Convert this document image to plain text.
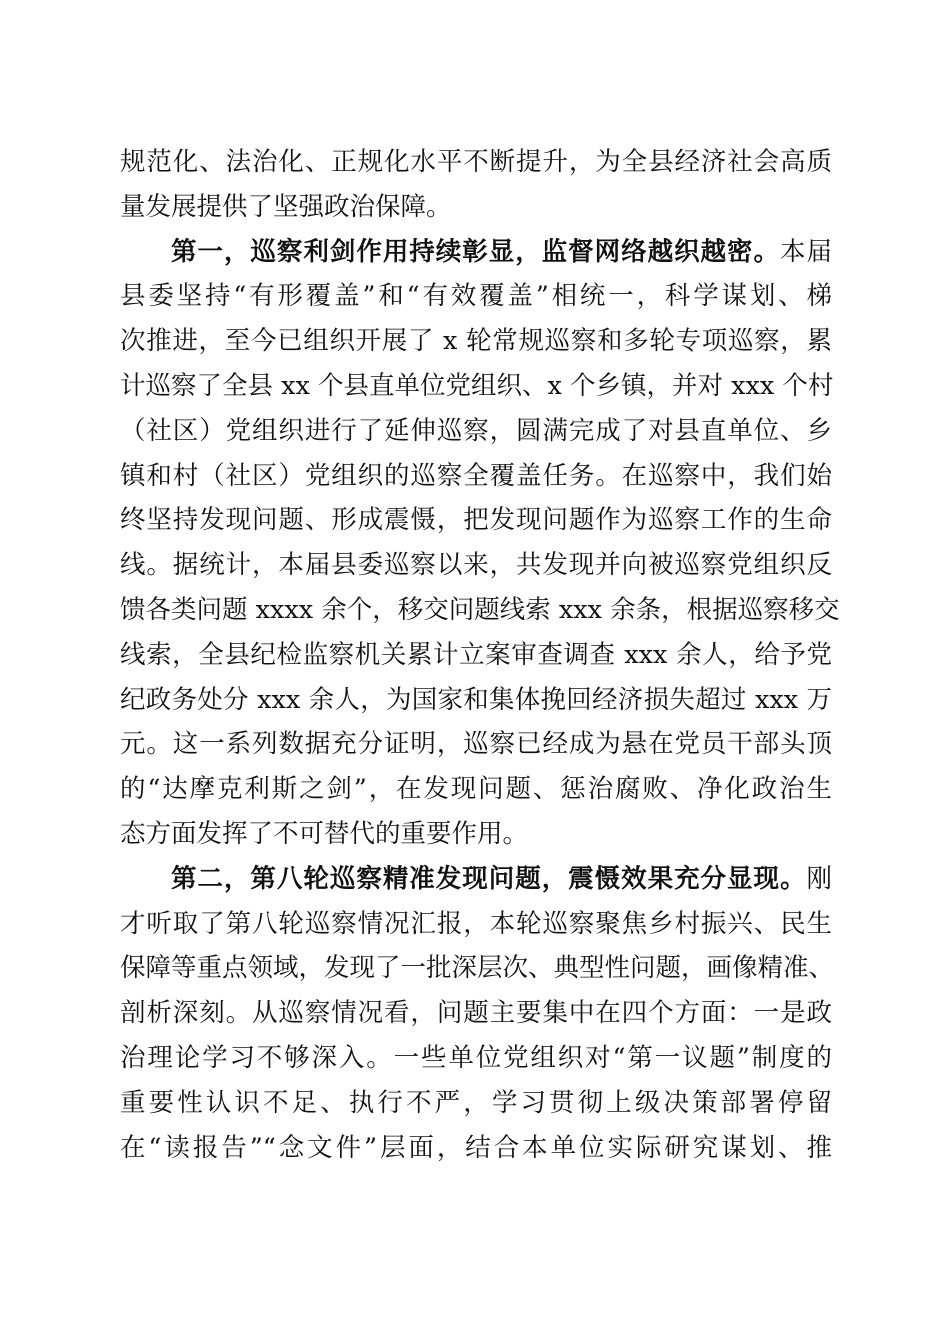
规范化、法治化、正规化水平不断提升，为全县经济社会高质
量发展提供了坚强政治保障。
第一，巡察利剑作用持续彰显，监督网络越织越密。本届
县委坚持“有形覆盖”和“有效覆盖”相统一，科学谋划、梯
次推进，至今已组织开展了 x 轮常规巡察和多轮专项巡察，累
计巡察了全县 xx 个县直单位党组织、x 个乡镇，并对 xxx 个村
（社区）党组织进行了延伸巡察，圆满完成了对县直单位、乡
镇和村（社区）党组织的巡察全覆盖任务。在巡察中，我们始
终坚持发现问题、形成震慑，把发现问题作为巡察工作的生命
线。据统计，本届县委巡察以来，共发现并向被巡察党组织反
馈各类问题 xxxx 余个，移交问题线索 xxx 余条，根据巡察移交
线索，全县纪检监察机关累计立案审查调查 xxx 余人，给予党
纪政务处分 xxx 余人，为国家和集体挽回经济损失超过 xxx 万
元。这一系列数据充分证明，巡察已经成为悬在党员干部头顶
的“达摩克利斯之剑”，在发现问题、惩治腐败、净化政治生
态方面发挥了不可替代的重要作用。
第二，第八轮巡察精准发现问题，震慑效果充分显现。刚
才听取了第八轮巡察情况汇报，本轮巡察聚焦乡村振兴、民生
保障等重点领域，发现了一批深层次、典型性问题，画像精准、
剖析深刻。从巡察情况看，问题主要集中在四个方面：一是政
治理论学习不够深入。一些单位党组织对“第一议题”制度的
重要性认识不足、执行不严，学习贯彻上级决策部署停留
在“读报告”“念文件”层面，结合本单位实际研究谋划、推
